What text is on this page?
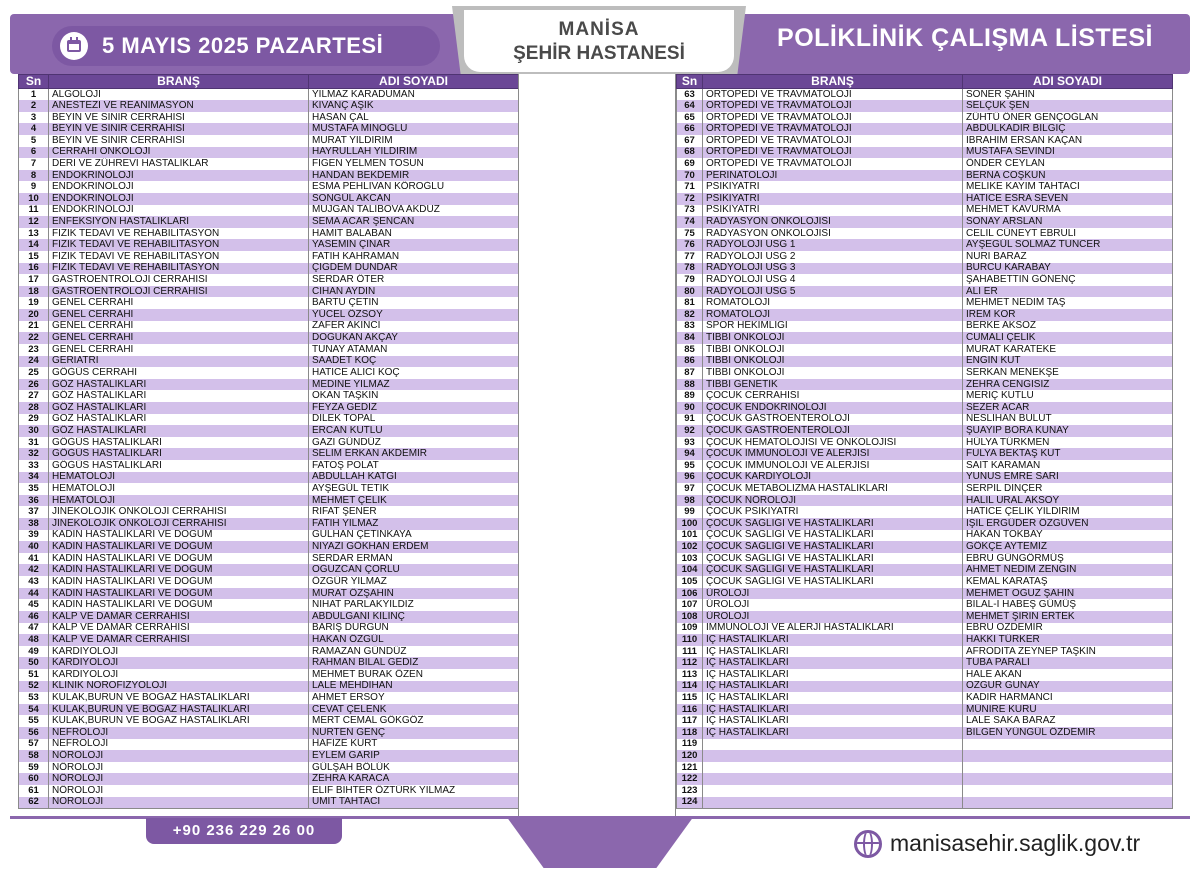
5 MAYIS 2025 PAZARTESİ
MANİSA
ŞEHİR HASTANESİ
POLİKLİNİK ÇALIŞMA LİSTESİ
Sn	BRANŞ	ADI SOYADI
1	ALGOLOJİ	YILMAZ KARADUMAN
2	ANESTEZİ VE REANİMASYON	KIVANÇ AŞIK
3	BEYİN VE SİNİR CERRAHİSİ	HASAN ÇAL
4	BEYİN VE SİNİR CERRAHİSİ	MUSTAFA MİNOĞLU
5	BEYİN VE SİNİR CERRAHİSİ	MURAT YILDIRIM
6	CERRAHİ ONKOLOJİ	HAYRULLAH YILDIRIM
7	DERİ VE ZÜHREVİ HASTALIKLAR	FİGEN YELMEN TOSUN
8	ENDOKRİNOLOJİ	HANDAN BEKDEMİR
9	ENDOKRİNOLOJİ	ESMA PEHLİVAN KÖROĞLU
10	ENDOKRİNOLOJİ	SONGÜL AKCAN
11	ENDOKRİNOLOJİ	MÜJGAN TALIBOVA AKDÜZ
12	ENFEKSİYON HASTALIKLARI	SEMA ACAR ŞENCAN
13	FİZİK TEDAVİ VE REHABİLİTASYON	HAMİT BALABAN
14	FİZİK TEDAVİ VE REHABİLİTASYON	YASEMİN ÇINAR
15	FİZİK TEDAVİ VE REHABİLİTASYON	FATİH KAHRAMAN
16	FİZİK TEDAVİ VE REHABİLİTASYON	ÇİĞDEM DÜNDAR
17	GASTROENTROLOJİ CERRAHİSİ	SERDAR ÖTER
18	GASTROENTROLOJİ CERRAHİSİ	CİHAN AYDIN
19	GENEL CERRAHİ	BARTU ÇETİN
20	GENEL CERRAHİ	YÜCEL ÖZSOY
21	GENEL CERRAHİ	ZAFER AKINCI
22	GENEL CERRAHİ	DOĞUKAN AKÇAY
23	GENEL CERRAHİ	TUNAY ATAMAN
24	GERİATRİ	SAADET KOÇ
25	GÖĞÜS CERRAHİ	HATİCE ALICI KOÇ
26	GÖZ HASTALIKLARI	MEDİNE YILMAZ
27	GÖZ HASTALIKLARI	OKAN TAŞKIN
28	GÖZ HASTALIKLARI	FEYZA GEDİZ
29	GÖZ HASTALIKLARI	DİLEK TOPAL
30	GÖZ HASTALIKLARI	ERCAN KUTLU
31	GÖĞÜS HASTALIKLARI	GAZİ GÜNDÜZ
32	GÖĞÜS HASTALIKLARI	SELİM ERKAN AKDEMİR
33	GÖĞÜS HASTALIKLARI	FATOŞ POLAT
34	HEMATOLOJİ	ABDULLAH KATGI
35	HEMATOLOJİ	AYŞEGÜL TETİK
36	HEMATOLOJİ	MEHMET ÇELİK
37	JİNEKOLOJİK ONKOLOJİ CERRAHİSİ	RİFAT ŞENER
38	JİNEKOLOJİK ONKOLOJİ CERRAHİSİ	FATİH YILMAZ
39	KADIN HASTALIKLARI VE DOĞUM	GÜLHAN ÇETİNKAYA
40	KADIN HASTALIKLARI VE DOĞUM	NİYAZİ GÖKHAN ERDEM
41	KADIN HASTALIKLARI VE DOĞUM	SERDAR ERMAN
42	KADIN HASTALIKLARI VE DOĞUM	OĞUZCAN ÇORLU
43	KADIN HASTALIKLARI VE DOĞUM	ÖZGÜR YILMAZ
44	KADIN HASTALIKLARI VE DOĞUM	MURAT ÖZŞAHİN
45	KADIN HASTALIKLARI VE DOĞUM	NİHAT PARLAKYILDIZ
46	KALP VE DAMAR CERRAHİSİ	ABDULGANİ KILINÇ
47	KALP VE DAMAR CERRAHİSİ	BARIŞ DURGUN
48	KALP VE DAMAR CERRAHİSİ	HAKAN ÖZGÜL
49	KARDİYOLOJİ	RAMAZAN GÜNDÜZ
50	KARDİYOLOJİ	RAHMAN BİLAL GEDİZ
51	KARDİYOLOJİ	MEHMET BURAK ÖZEN
52	KLİNİK NÖROFİZYOLOJİ	LALE MEHDİHAN
53	KULAK,BURUN VE BOĞAZ HASTALIKLARI	AHMET ERSOY
54	KULAK,BURUN VE BOĞAZ HASTALIKLARI	CEVAT ÇELENK
55	KULAK,BURUN VE BOĞAZ HASTALIKLARI	MERT CEMAL GÖKGÖZ
56	NEFROLOJİ	NURTEN GENÇ
57	NEFROLOJİ	HAFİZE KURT
58	NÖROLOJİ	EYLEM GARİP
59	NÖROLOJİ	GÜLŞAH BÖLÜK
60	NÖROLOJİ	ZEHRA KARACA
61	NÖROLOJİ	ELİF BİHTER ÖZTÜRK YILMAZ
62	NÖROLOJİ	ÜMİT TAHTACI
Sn	BRANŞ	ADI SOYADI
63	ORTOPEDİ VE TRAVMATOLOJİ	SONER ŞAHİN
64	ORTOPEDİ VE TRAVMATOLOJİ	SELÇUK ŞEN
65	ORTOPEDİ VE TRAVMATOLOJİ	ZÜHTÜ ÖNER GENÇOĞLAN
66	ORTOPEDİ VE TRAVMATOLOJİ	ABDÜLKADİR BİLGİÇ
67	ORTOPEDİ VE TRAVMATOLOJİ	İBRAHİM ERSAN KAÇAN
68	ORTOPEDİ VE TRAVMATOLOJİ	MUSTAFA SEVİNDİ
69	ORTOPEDİ VE TRAVMATOLOJİ	ÖNDER CEYLAN
70	PERİNATOLOJİ	BERNA COŞKUN
71	PSİKİYATRİ	MELİKE KAYIM TAHTACI
72	PSİKİYATRİ	HATİCE ESRA SEVEN
73	PSİKİYATRİ	MEHMET KAVURMA
74	RADYASYON ONKOLOJİSİ	SONAY ARSLAN
75	RADYASYON ONKOLOJİSİ	CELİL CÜNEYT EBRULİ
76	RADYOLOJİ USG 1	AYŞEGÜL SOLMAZ TUNCER
77	RADYOLOJİ USG 2	NURİ BARAZ
78	RADYOLOJİ USG 3	BURCU KARABAY
79	RADYOLOJİ USG 4	ŞAHABETTİN GÖNENÇ
80	RADYOLOJİ USG 5	ALİ ER
81	ROMATOLOJİ	MEHMET NEDİM TAŞ
82	ROMATOLOJİ	İREM KOR
83	SPOR HEKİMLİĞİ	BERKE AKSÖZ
84	TIBBİ ONKOLOJİ	CUMALİ ÇELİK
85	TIBBİ ONKOLOJİ	MURAT KARATEKE
86	TIBBİ ONKOLOJİ	ENGİN KUT
87	TIBBİ ONKOLOJİ	SERKAN MENEKŞE
88	TIBBİ GENETİK	ZEHRA CENGİSİZ
89	ÇOCUK CERRAHİSİ	MERİÇ KUTLU
90	ÇOCUK ENDOKRİNOLOJİ	SEZER ACAR
91	ÇOCUK GASTROENTEROLOJİ	NESLİHAN BULUT
92	ÇOCUK GASTROENTEROLOJİ	ŞUAYİP BORA KUNAY
93	ÇOCUK HEMATOLOJİSİ VE ONKOLOJİSİ	HÜLYA TÜRKMEN
94	ÇOCUK İMMUNOLOJİ VE ALERJİSİ	FULYA BEKTAŞ KUT
95	ÇOCUK İMMUNOLOJİ VE ALERJİSİ	SAİT KARAMAN
96	ÇOCUK KARDİYOLOJİ	YUNUS EMRE SARI
97	ÇOCUK METABOLİZMA HASTALIKLARI	SERPİL DİNÇER
98	ÇOCUK NÖROLOJİ	HALİL URAL AKSOY
99	ÇOCUK PSİKİYATRİ	HATİCE ÇELİK YILDIRIM
100	ÇOCUK SAĞLIĞI VE HASTALIKLARI	IŞIL ERGÜDER ÖZGÜVEN
101	ÇOCUK SAĞLIĞI VE HASTALIKLARI	HAKAN TOKBAY
102	ÇOCUK SAĞLIĞI VE HASTALIKLARI	GÖKÇE AYTEMİZ
103	ÇOCUK SAĞLIĞI VE HASTALIKLARI	EBRU GÜNGÖRMÜŞ
104	ÇOCUK SAĞLIĞI VE HASTALIKLARI	AHMET NEDİM ZENGİN
105	ÇOCUK SAĞLIĞI VE HASTALIKLARI	KEMAL KARATAŞ
106	ÜROLOJİ	MEHMET OĞUZ ŞAHİN
107	ÜROLOJİ	BİLAL-İ HABEŞ GÜMÜŞ
108	ÜROLOJİ	MEHMET ŞİRİN ERTEK
109	İMMÜNOLOJİ VE ALERJİ HASTALIKLARI	EBRU ÖZDEMİR
110	İÇ HASTALIKLARI	HAKKI TÜRKER
111	İÇ HASTALIKLARI	AFRODİTA ZEYNEP TAŞKIN
112	İÇ HASTALIKLARI	TUBA PARALI
113	İÇ HASTALIKLARI	HALE AKAN
114	İÇ HASTALIKLARI	ÖZGÜR GÜNAY
115	İÇ HASTALIKLARI	KADİR HARMANCI
116	İÇ HASTALIKLARI	MÜNİRE KURU
117	İÇ HASTALIKLARI	LALE SAKA BARAZ
118	İÇ HASTALIKLARI	BİLGEN YÜNGÜL ÖZDEMİR
119		
120		
121		
122		
123		
124		
+90 236 229 26 00	manisasehir.saglik.gov.tr
